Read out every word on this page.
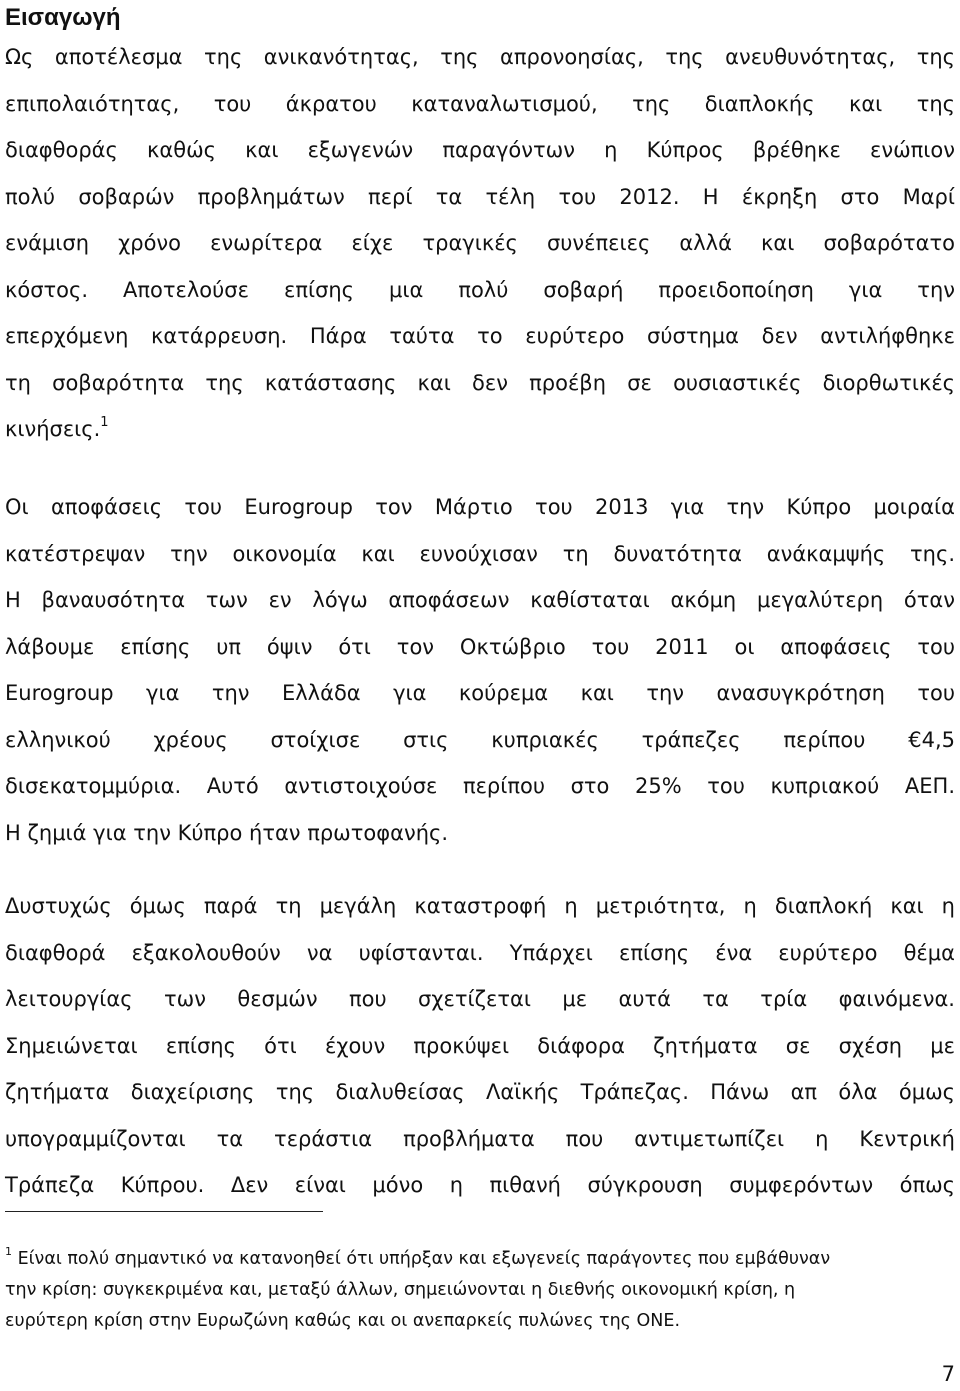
Εισαγωγή

Ως αποτέλεσμα της ανικανότητας, της απρονοησίας, της ανευθυνότητας, της
επιπολαιότητας, του άκρατου καταναλωτισμού, της διαπλοκής και της
διαφθοράς καθώς και εξωγενών παραγόντων η Κύπρος βρέθηκε ενώπιον
πολύ σοβαρών προβλημάτων περί τα τέλη του 2012. Η έκρηξη στο Μαρί
ενάμιση χρόνο ενωρίτερα είχε τραγικές συνέπειες αλλά και σοβαρότατο
κόστος. Αποτελούσε επίσης μια πολύ σοβαρή προειδοποίηση για την
επερχόμενη κατάρρευση. Πάρα ταύτα το ευρύτερο σύστημα δεν αντιλήφθηκε
τη σοβαρότητα της κατάστασης και δεν προέβη σε ουσιαστικές διορθωτικές
κινήσεις.$^1$

Οι αποφάσεις του Eurogroup τον Μάρτιο του 2013 για την Κύπρο μοιραία
κατέστρεψαν την οικονομία και ευνούχισαν τη δυνατότητα ανάκαμψής της.
Η βαναυσότητα των εν λόγω αποφάσεων καθίσταται ακόμη μεγαλύτερη όταν
λάβουμε επίσης υπ όψιν ότι τον Οκτώβριο του 2011 οι αποφάσεις του
Eurogroup για την Ελλάδα για κούρεμα και την ανασυγκρότηση του
ελληνικού χρέους στοίχισε στις κυπριακές τράπεζες περίπου €4,5
δισεκατομμύρια. Αυτό αντιστοιχούσε περίπου στο 25% του κυπριακού ΑΕΠ.
Η ζημιά για την Κύπρο ήταν πρωτοφανής.

Δυστυχώς όμως παρά τη μεγάλη καταστροφή η μετριότητα, η διαπλοκή και η
διαφθορά εξακολουθούν να υφίστανται. Υπάρχει επίσης ένα ευρύτερο θέμα
λειτουργίας των θεσμών που σχετίζεται με αυτά τα τρία φαινόμενα.
Σημειώνεται επίσης ότι έχουν προκύψει διάφορα ζητήματα σε σχέση με
ζητήματα διαχείρισης της διαλυθείσας Λαϊκής Τράπεζας. Πάνω απ όλα όμως
υπογραμμίζονται τα τεράστια προβλήματα που αντιμετωπίζει η Κεντρική
Τράπεζα Κύπρου. Δεν είναι μόνο η πιθανή σύγκρουση συμφερόντων όπως

$^1$ Είναι πολύ σημαντικό να κατανοηθεί ότι υπήρξαν και εξωγενείς παράγοντες που εμβάθυναν
την κρίση: συγκεκριμένα και, μεταξύ άλλων, σημειώνονται η διεθνής οικονομική κρίση, η
ευρύτερη κρίση στην Ευρωζώνη καθώς και οι ανεπαρκείς πυλώνες της ΟΝΕ.

7
